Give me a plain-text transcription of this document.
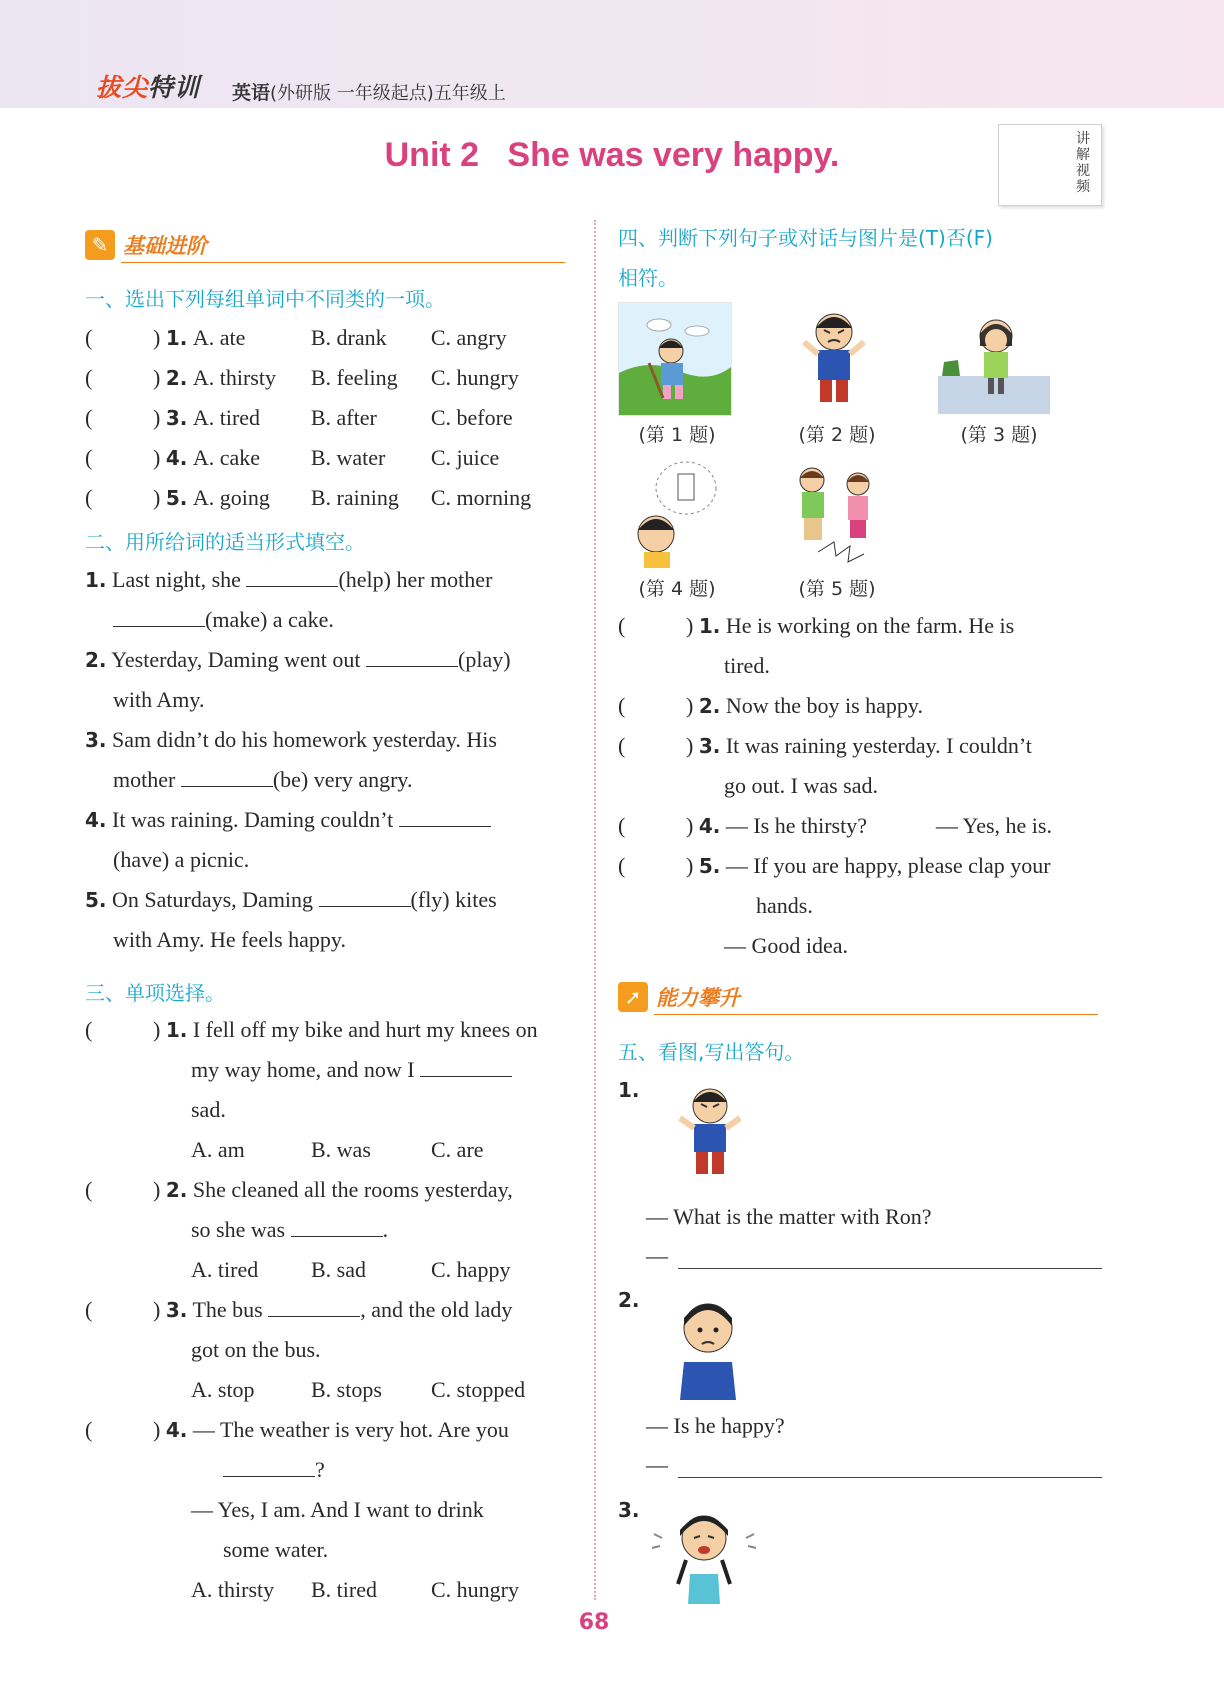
拔尖特训 英语(外研版 一年级起点)五年级上
Unit 2   She was very happy.	讲解视频
✎ 基础进阶
一、选出下列每组单词中不同类的一项。
(	) 1. A. ate	B. drank C. angry
(	) 2. A. thirsty B. feeling C. hungry
(	) 3. A. tired B. after C. before
(	) 4. A. cake B. water C. juice
(	) 5. A. going B. raining C. morning
二、用所给词的适当形式填空。
1. Last night, she	(help) her mother
(make) a cake.
2. Yesterday, Daming went out	(play)
with Amy.
3. Sam didn’t do his homework yesterday. His
mother	(be) very angry.
4. It was raining. Daming couldn’t
(have) a picnic.
5. On Saturdays, Daming	(fly) kites
with Amy. He feels happy.
三、单项选择。
(	) 1. I fell off my bike and hurt my knees on
my way home, and now I
sad.
A. am	B. was	C. are
(	) 2. She cleaned all the rooms yesterday,
so she was	.
A. tired B. sad	C. happy
(	) 3. The bus	, and the old lady
got on the bus.
A. stop	B. stops C. stopped
(	) 4. — The weather is very hot. Are you
?
— Yes, I am. And I want to drink
some water.
A. thirsty B. tired C. hungry
四、判断下列句子或对话与图片是(T)否(F)
相符。
(第 1 题)	(第 2 题)	(第 3 题)
(第 4 题)	(第 5 题)
(	) 1. He is working on the farm. He is
tired.
(	) 2. Now the boy is happy.
(	) 3. It was raining yesterday. I couldn’t
go out. I was sad.
(	) 4. — Is he thirsty?	— Yes, he is.
(	) 5. — If you are happy, please clap your
hands.
— Good idea.
➚ 能力攀升
五、看图,写出答句。
1.
— What is the matter with Ron?
—
2.
— Is he happy?
—
3.
68
